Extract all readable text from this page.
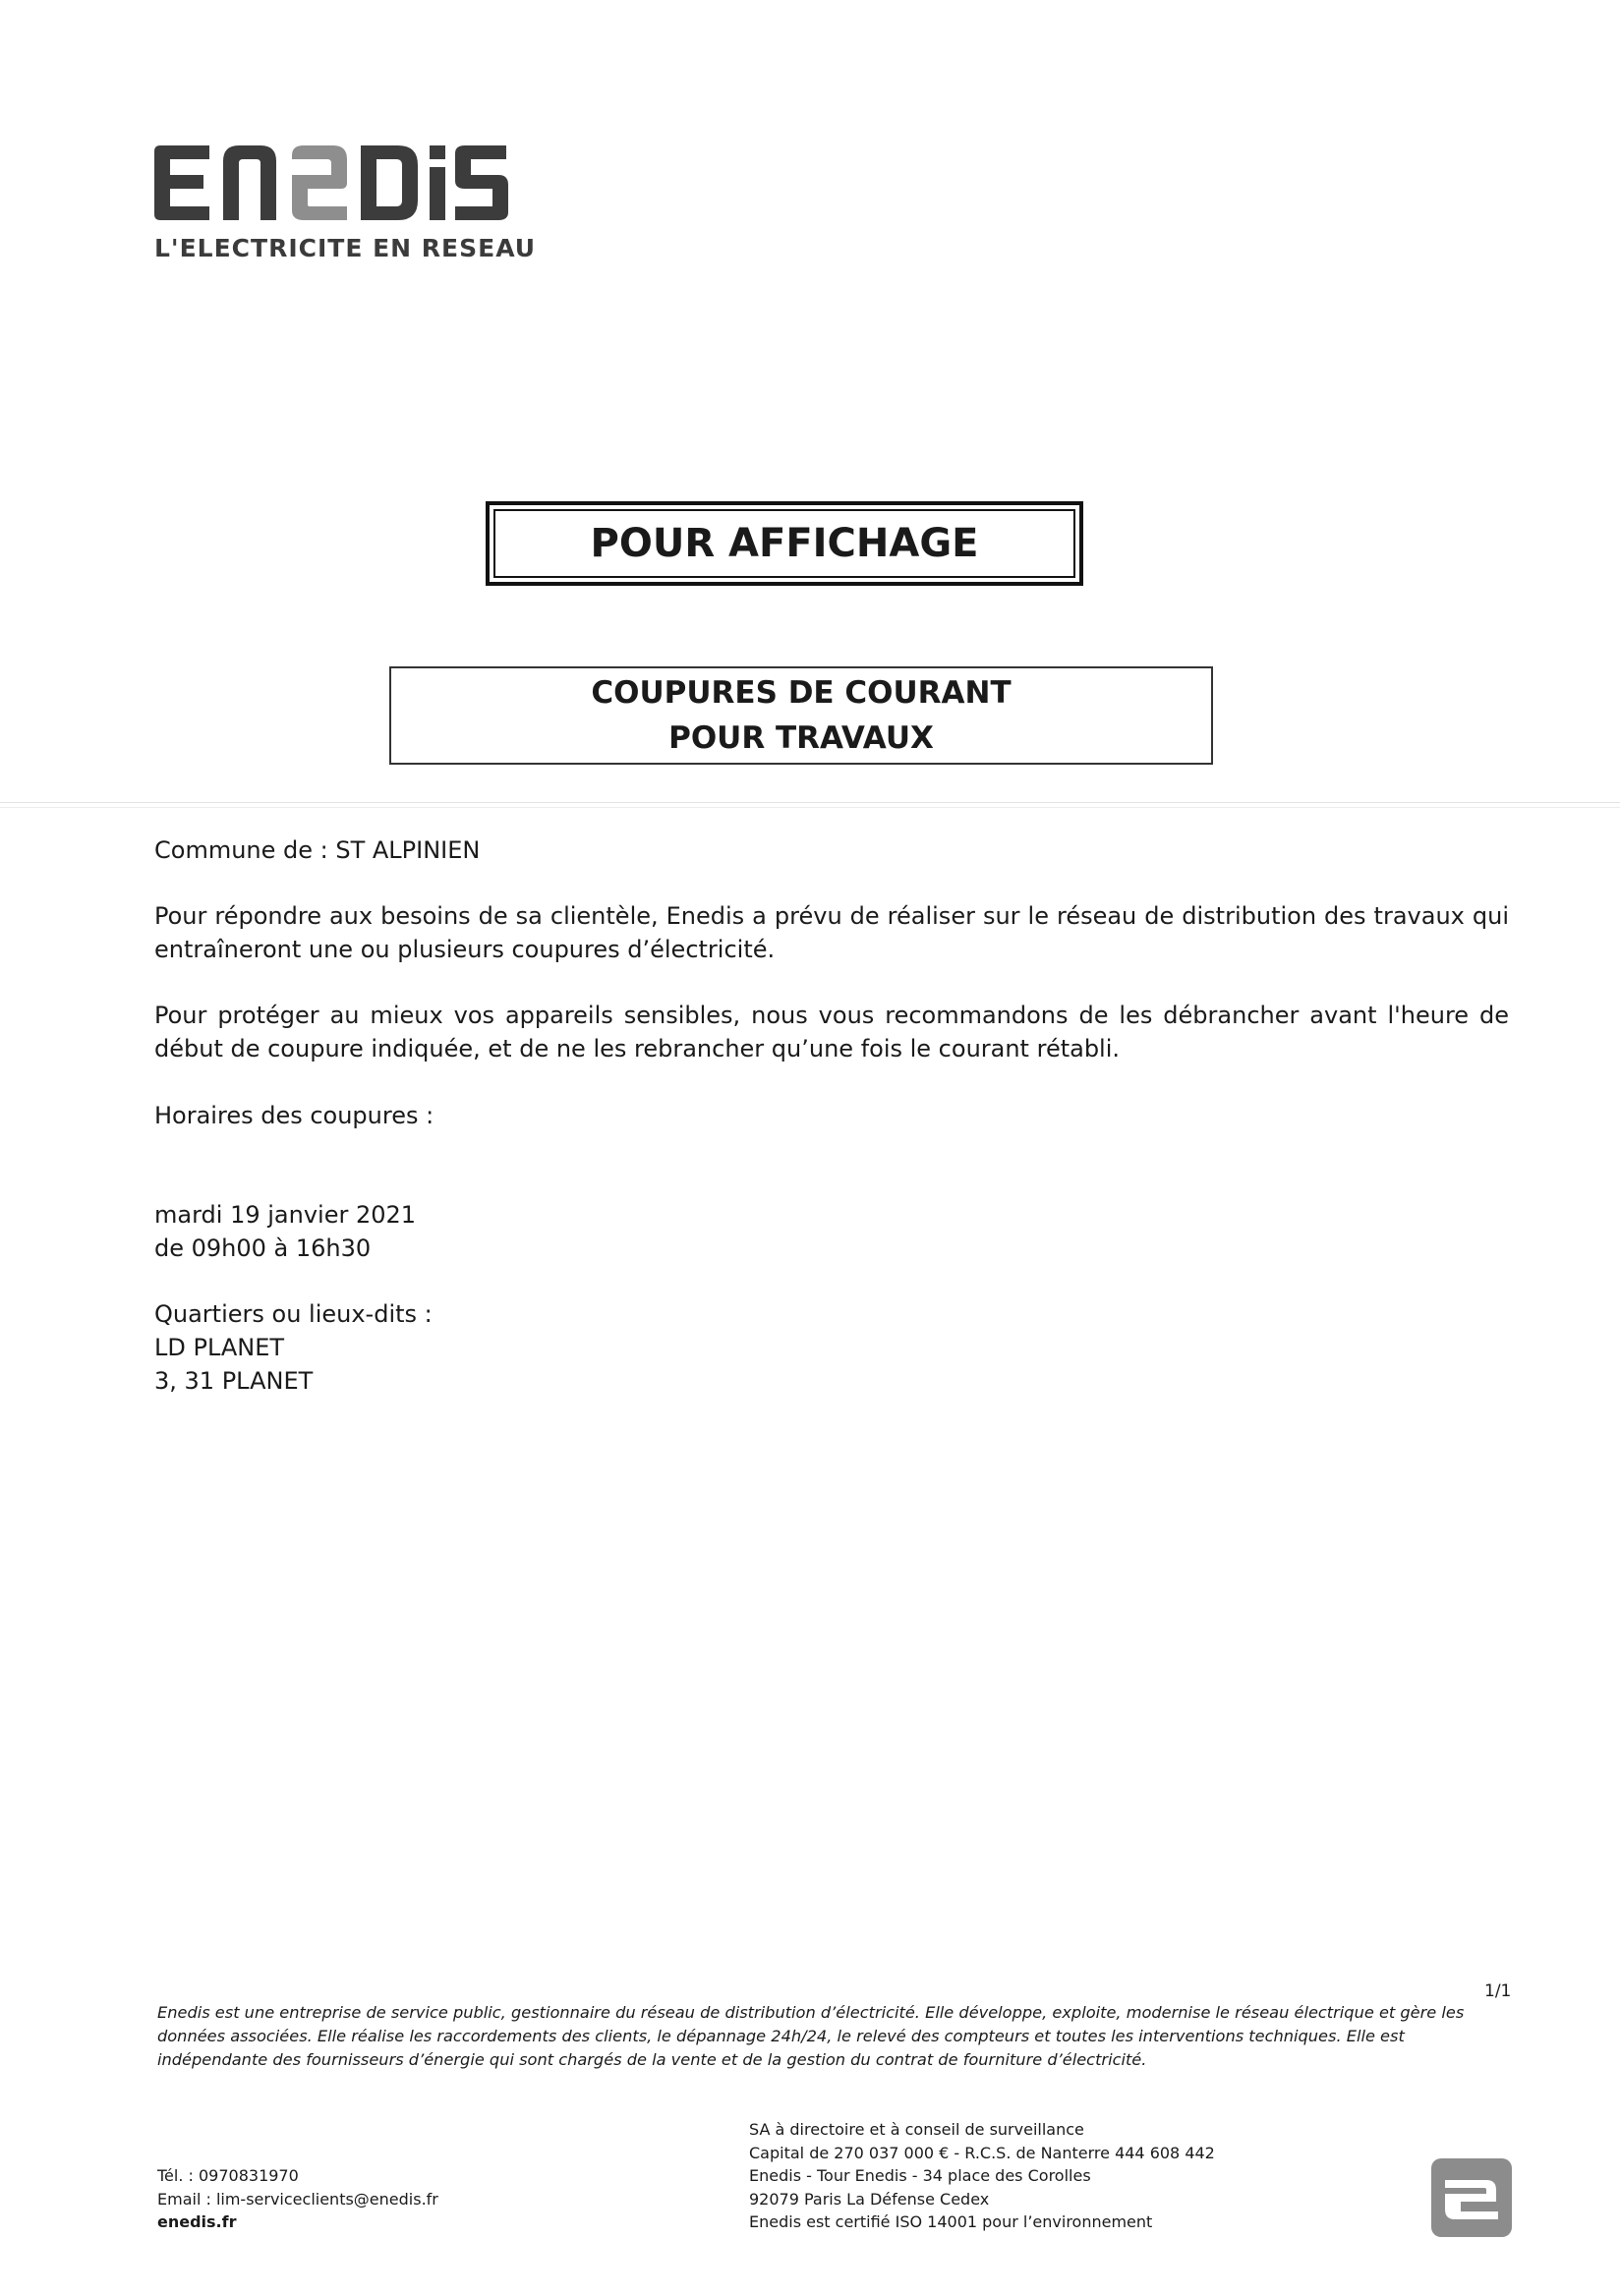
L'ELECTRICITE EN RESEAU
POUR AFFICHAGE
COUPURES DE COURANT
POUR TRAVAUX
Commune de : ST ALPINIEN
Pour répondre aux besoins de sa clientèle, Enedis a prévu de réaliser sur le réseau de distribution des travaux qui entraîneront une ou plusieurs coupures d’électricité.
Pour protéger au mieux vos appareils sensibles, nous vous recommandons de les débrancher avant l'heure de début de coupure indiquée, et de ne les rebrancher qu’une fois le courant rétabli.
Horaires des coupures :
mardi 19 janvier 2021
de 09h00 à 16h30
Quartiers ou lieux-dits :
LD PLANET
3, 31 PLANET
1/1
Enedis est une entreprise de service public, gestionnaire du réseau de distribution d’électricité. Elle développe, exploite, modernise le réseau électrique et gère les données associées. Elle réalise les raccordements des clients, le dépannage 24h/24, le relevé des compteurs et toutes les interventions techniques. Elle est indépendante des fournisseurs d’énergie qui sont chargés de la vente et de la gestion du contrat de fourniture d’électricité.
SA à directoire et à conseil de surveillance
Capital de 270 037 000 € - R.C.S. de Nanterre 444 608 442
Enedis - Tour Enedis - 34 place des Corolles
92079 Paris La Défense Cedex
Enedis est certifié ISO 14001 pour l’environnement
Tél. : 0970831970
Email : lim-serviceclients@enedis.fr
enedis.fr
